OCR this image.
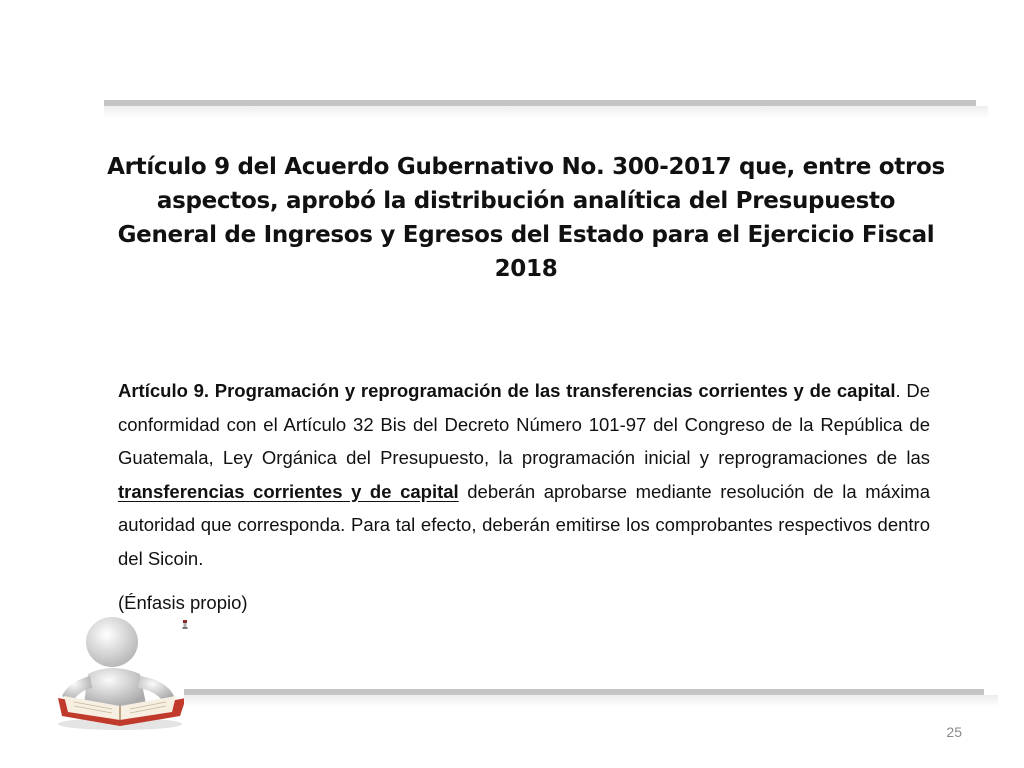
Artículo 9 del Acuerdo Gubernativo No. 300-2017 que, entre otros aspectos, aprobó la distribución analítica del Presupuesto General de Ingresos y Egresos del Estado para el Ejercicio Fiscal 2018
Artículo 9. Programación y reprogramación de las transferencias corrientes y de capital. De conformidad con el Artículo 32 Bis del Decreto Número 101-97 del Congreso de la República de Guatemala, Ley Orgánica del Presupuesto, la programación inicial y reprogramaciones de las transferencias corrientes y de capital deberán aprobarse mediante resolución de la máxima autoridad que corresponda. Para tal efecto, deberán emitirse los comprobantes respectivos dentro del Sicoin.
(Énfasis propio)
25
